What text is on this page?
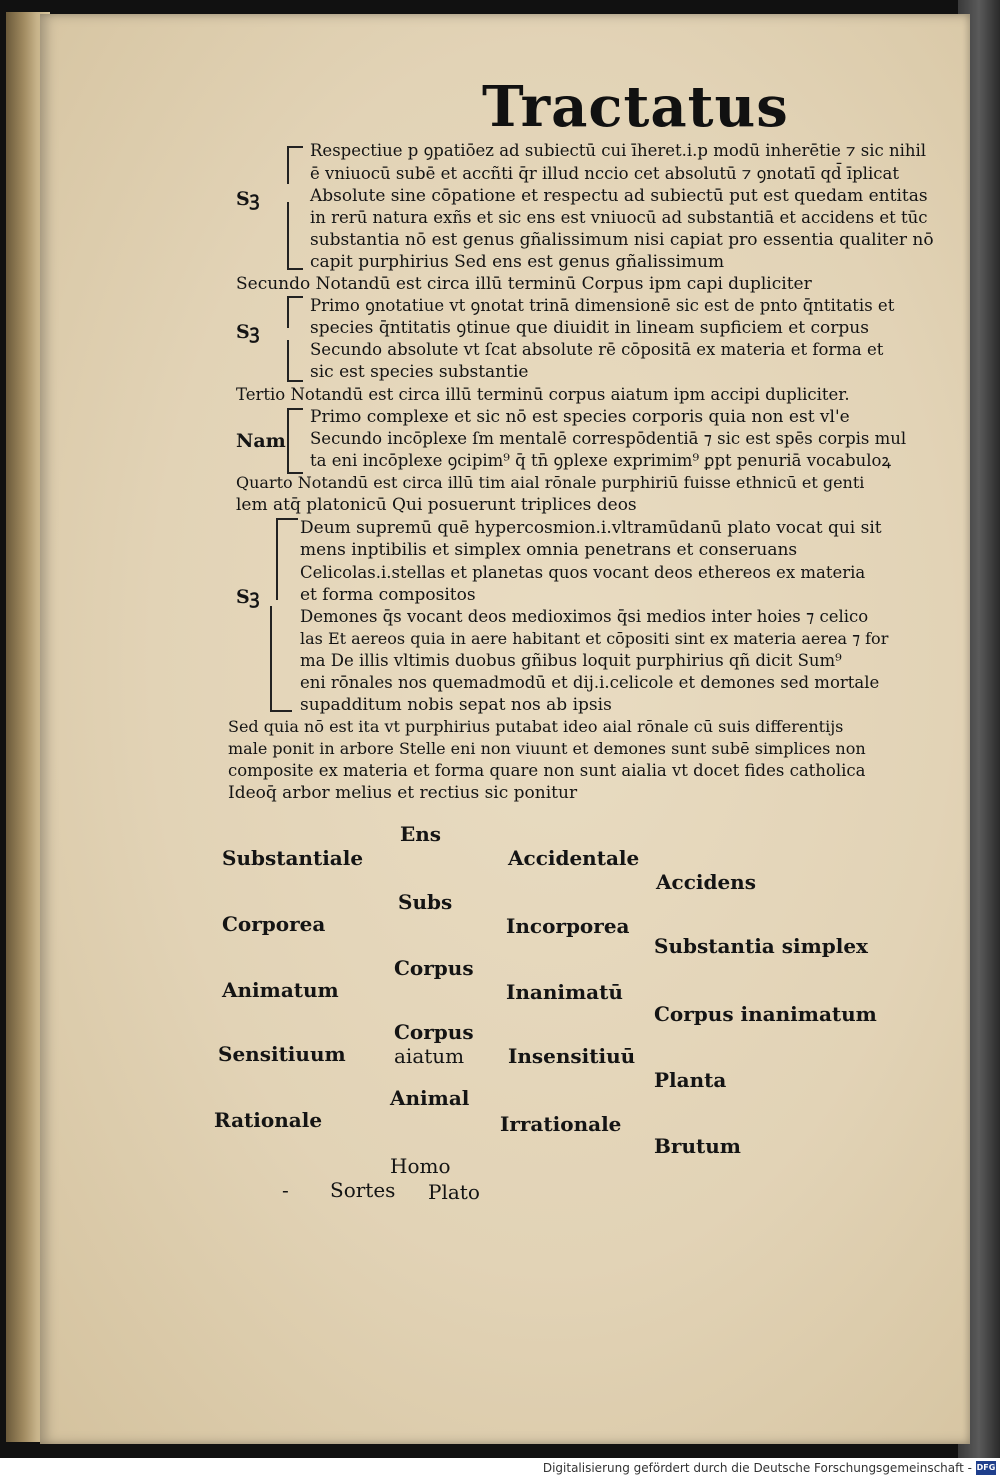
Tractatus
Sꝫ
Sꝫ
Nam
Sꝫ
Respectiue p ꝯpatiōez ad subiectū cui īheret.i.p modū inherētie ⁊ sic nihil
ē vniuocū subē et accñti q̄r illud nccio cet absolutū ⁊ ꝯnotatī qd̄ īplicat
Absolute sine cōpatione et respectu ad subiectū put est quedam entitas
in rerū natura exñs et sic ens est vniuocū ad substantiā et accidens et tūc
substantia nō est genus gñalissimum nisi capiat pro essentia qualiter nō
capit purphirius Sed ens est genus gñalissimum
Secundo Notandū est circa illū terminū Corpus ipm capi dupliciter
Primo ꝯnotatiue vt ꝯnotat trinā dimensionē sic est de pnto q̄ntitatis et
species q̄ntitatis ꝯtinue que diuidit in lineam supficiem et corpus
Secundo absolute vt ſcat absolute rē cōpositā ex materia et forma et
sic est species substantie
Tertio Notandū est circa illū terminū corpus aiatum ipm accipi dupliciter.
Primo complexe et sic nō est species corporis quia non est vl'e
Secundo incōplexe ſm mentalē correspōdentiā ⁊ sic est spēs corpis mul
ta eni incōplexe ꝯcipim⁹ q̄ tn̄ ꝯplexe exprimim⁹ ꝑpt penuriā vocabuloꝝ
Quarto Notandū est circa illū tim aial rōnale purphiriū fuisse ethnicū et genti
lem atq̄ platonicū Qui posuerunt triplices deos
Deum supremū quē hypercosmion.i.vltramūdanū plato vocat qui sit
mens inptibilis et simplex omnia penetrans et conseruans
Celicolas.i.stellas et planetas quos vocant deos ethereos ex materia
et forma compositos
Demones q̄s vocant deos medioximos q̄si medios inter hoies ⁊ celico
las Et aereos quia in aere habitant et cōpositi sint ex materia aerea ⁊ for
ma De illis vltimis duobus gñibus loquit purphirius qñ dicit Sum⁹
eni rōnales nos quemadmodū et dij.i.celicole et demones sed mortale
supadditum nobis sepat nos ab ipsis
Sed quia nō est ita vt purphirius putabat ideo aial rōnale cū suis differentijs
male ponit in arbore Stelle eni non viuunt et demones sunt subē simplices non
composite ex materia et forma quare non sunt aialia vt docet fides catholica
Ideoq̄ arbor melius et rectius sic ponitur
Ens
Substantiale	Accidentale
Accidens
Subs
Corporea	Incorporea
Substantia simplex
Corpus
Animatum	Inanimatū
Corpus inanimatum
Corpus
aiatum
Sensitiuum	Insensitiuū
Planta
Animal
Rationale	Irrationale
Brutum
Homo
Sortes Plato
-
Digitalisierung gefördert durch die Deutsche Forschungsgemeinschaft - DFG
